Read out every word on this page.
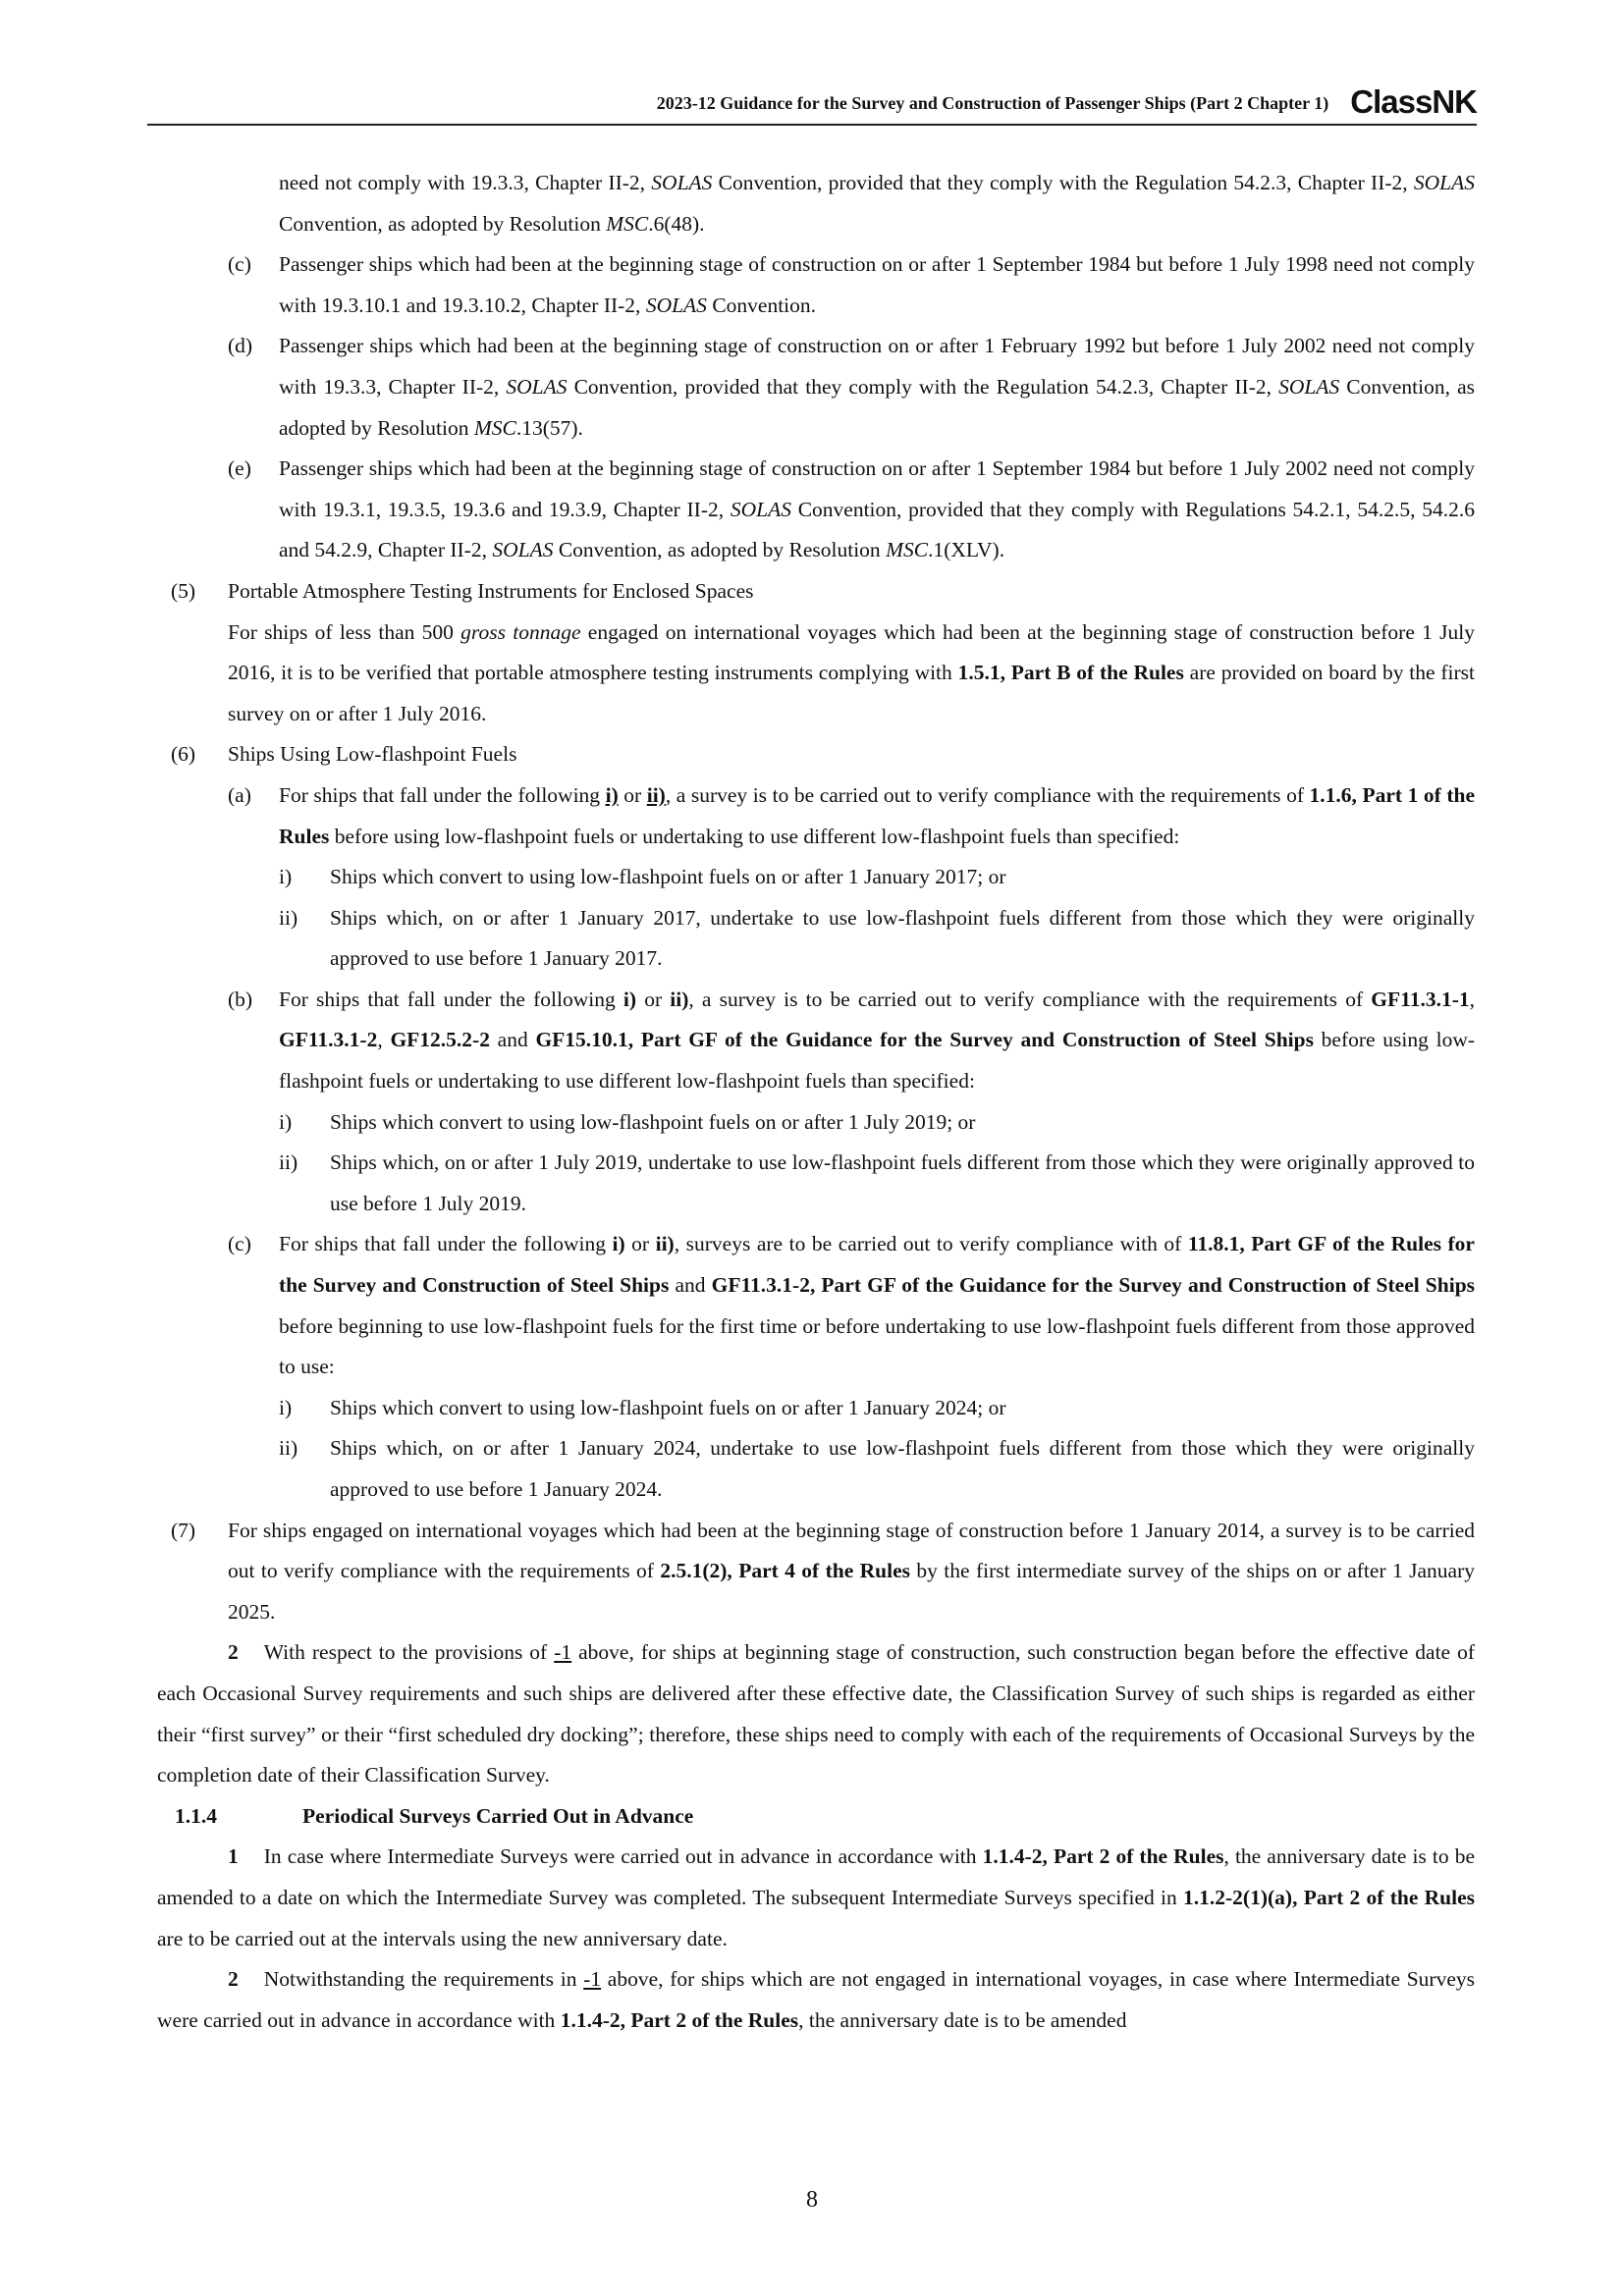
2023-12 Guidance for the Survey and Construction of Passenger Ships (Part 2 Chapter 1) ClassNK

need not comply with 19.3.3, Chapter II-2, SOLAS Convention, provided that they comply with the Regulation 54.2.3, Chapter II-2, SOLAS Convention, as adopted by Resolution MSC.6(48).

(c) Passenger ships which had been at the beginning stage of construction on or after 1 September 1984 but before 1 July 1998 need not comply with 19.3.10.1 and 19.3.10.2, Chapter II-2, SOLAS Convention.

(d) Passenger ships which had been at the beginning stage of construction on or after 1 February 1992 but before 1 July 2002 need not comply with 19.3.3, Chapter II-2, SOLAS Convention, provided that they comply with the Regulation 54.2.3, Chapter II-2, SOLAS Convention, as adopted by Resolution MSC.13(57).

(e) Passenger ships which had been at the beginning stage of construction on or after 1 September 1984 but before 1 July 2002 need not comply with 19.3.1, 19.3.5, 19.3.6 and 19.3.9, Chapter II-2, SOLAS Convention, provided that they comply with Regulations 54.2.1, 54.2.5, 54.2.6 and 54.2.9, Chapter II-2, SOLAS Convention, as adopted by Resolution MSC.1(XLV).

(5)	Portable Atmosphere Testing Instruments for Enclosed Spaces

For ships of less than 500 gross tonnage engaged on international voyages which had been at the beginning stage of construction before 1 July 2016, it is to be verified that portable atmosphere testing instruments complying with 1.5.1, Part B of the Rules are provided on board by the first survey on or after 1 July 2016.

(6)	Ships Using Low-flashpoint Fuels

(a) For ships that fall under the following i) or ii), a survey is to be carried out to verify compliance with the requirements of 1.1.6, Part 1 of the Rules before using low-flashpoint fuels or undertaking to use different low-flashpoint fuels than specified:

i) Ships which convert to using low-flashpoint fuels on or after 1 January 2017; or

ii) Ships which, on or after 1 January 2017, undertake to use low-flashpoint fuels different from those which they were originally approved to use before 1 January 2017.

(b) For ships that fall under the following i) or ii), a survey is to be carried out to verify compliance with the requirements of GF11.3.1-1, GF11.3.1-2, GF12.5.2-2 and GF15.10.1, Part GF of the Guidance for the Survey and Construction of Steel Ships before using low-flashpoint fuels or undertaking to use different low-flashpoint fuels than specified:

i) Ships which convert to using low-flashpoint fuels on or after 1 July 2019; or

ii) Ships which, on or after 1 July 2019, undertake to use low-flashpoint fuels different from those which they were originally approved to use before 1 July 2019.

(c) For ships that fall under the following i) or ii), surveys are to be carried out to verify compliance with of 11.8.1, Part GF of the Rules for the Survey and Construction of Steel Ships and GF11.3.1-2, Part GF of the Guidance for the Survey and Construction of Steel Ships before beginning to use low-flashpoint fuels for the first time or before undertaking to use low-flashpoint fuels different from those approved to use:

i) Ships which convert to using low-flashpoint fuels on or after 1 January 2024; or

ii) Ships which, on or after 1 January 2024, undertake to use low-flashpoint fuels different from those which they were originally approved to use before 1 January 2024.

(7)	For ships engaged on international voyages which had been at the beginning stage of construction before 1 January 2014, a survey is to be carried out to verify compliance with the requirements of 2.5.1(2), Part 4 of the Rules by the first intermediate survey of the ships on or after 1 January 2025.

2 With respect to the provisions of -1 above, for ships at beginning stage of construction, such construction began before the effective date of each Occasional Survey requirements and such ships are delivered after these effective date, the Classification Survey of such ships is regarded as either their “first survey” or their “first scheduled dry docking”; therefore, these ships need to comply with each of the requirements of Occasional Surveys by the completion date of their Classification Survey.

1.1.4	Periodical Surveys Carried Out in Advance

1 In case where Intermediate Surveys were carried out in advance in accordance with 1.1.4-2, Part 2 of the Rules, the anniversary date is to be amended to a date on which the Intermediate Survey was completed. The subsequent Intermediate Surveys specified in 1.1.2-2(1)(a), Part 2 of the Rules are to be carried out at the intervals using the new anniversary date.

2 Notwithstanding the requirements in -1 above, for ships which are not engaged in international voyages, in case where Intermediate Surveys were carried out in advance in accordance with 1.1.4-2, Part 2 of the Rules, the anniversary date is to be amended

8
